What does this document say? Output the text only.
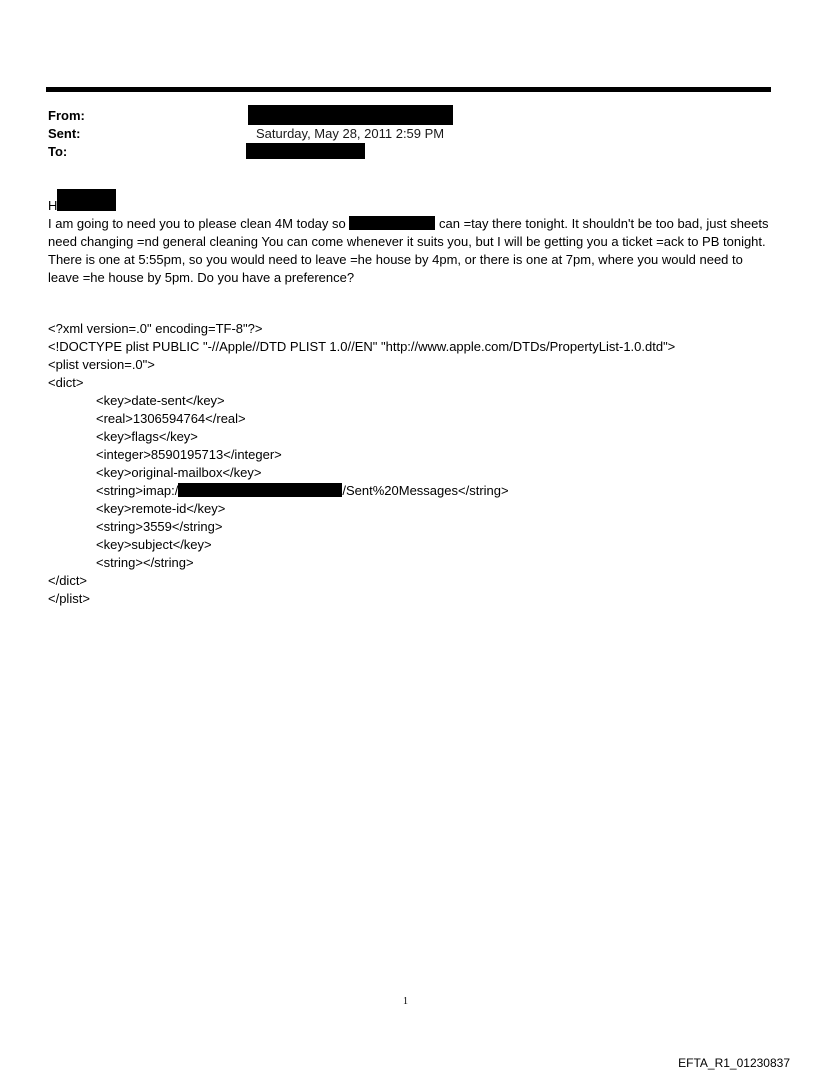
From:
Sent:	Saturday, May 28, 2011 2:59 PM
To:
H

I am going to need you to please clean 4M today so	can =tay there tonight. It shouldn't be too bad, just sheets need changing =nd general cleaning You can come whenever it suits you, but I will be getting you a ticket =ack to PB tonight. There is one at 5:55pm, so you would need to leave =he house by 4pm, or there is one at 7pm, where you would need to leave =he house by 5pm. Do you have a preference?

<?xml version=.0" encoding=TF-8"?>
<!DOCTYPE plist PUBLIC "-//Apple//DTD PLIST 1.0//EN" "http://www.apple.com/DTDs/PropertyList-1.0.dtd">
<plist version=.0">
<dict>
<key>date-sent</key>
<real>1306594764</real>
<key>flags</key>
<integer>8590195713</integer>
<key>original-mailbox</key>
<string>imap:/	/Sent%20Messages</string>
<key>remote-id</key>
<string>3559</string>
<key>subject</key>
<string></string>
</dict>
</plist>
1
EFTA_R1_01230837
